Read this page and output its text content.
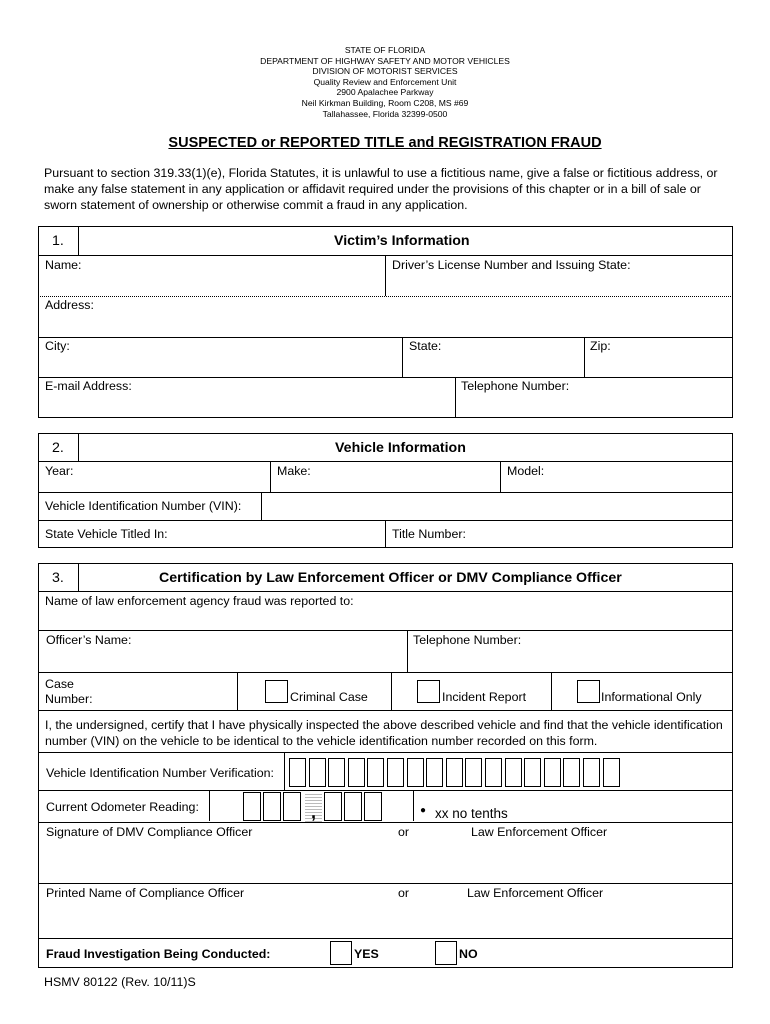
STATE OF FLORIDA
DEPARTMENT OF HIGHWAY SAFETY AND MOTOR VEHICLES
DIVISION OF MOTORIST SERVICES
Quality Review and Enforcement Unit
2900 Apalachee Parkway
Neil Kirkman Building, Room C208, MS #69
Tallahassee, Florida 32399-0500
SUSPECTED or REPORTED TITLE and REGISTRATION FRAUD
Pursuant to section 319.33(1)(e), Florida Statutes, it is unlawful to use a fictitious name, give a false or fictitious address, or make any false statement in any application or affidavit required under the provisions of this chapter or in a bill of sale or sworn statement of ownership or otherwise commit a fraud in any application.
1.	Victim’s Information
Name:	Driver’s License Number and Issuing State:
Address:
City:	State:	Zip:
E-mail Address:	Telephone Number:
2.	Vehicle Information
Year:	Make:	Model:
Vehicle Identification Number (VIN):
State Vehicle Titled In:	Title Number:
3.	Certification by Law Enforcement Officer or DMV Compliance Officer
Name of law enforcement agency fraud was reported to:
Officer’s Name:	Telephone Number:
Case
Number:	Criminal Case	Incident Report	Informational Only
I, the undersigned, certify that I have physically inspected the above described vehicle and find that the vehicle identification number (VIN) on the vehicle to be identical to the vehicle identification number recorded on this form.
Vehicle Identification Number Verification:
Current Odometer Reading:	,	● xx no tenths
Signature of DMV Compliance Officer	or	Law Enforcement Officer
Printed Name of Compliance Officer	or	Law Enforcement Officer
Fraud Investigation Being Conducted:	YES	NO
HSMV 80122 (Rev. 10/11)S
